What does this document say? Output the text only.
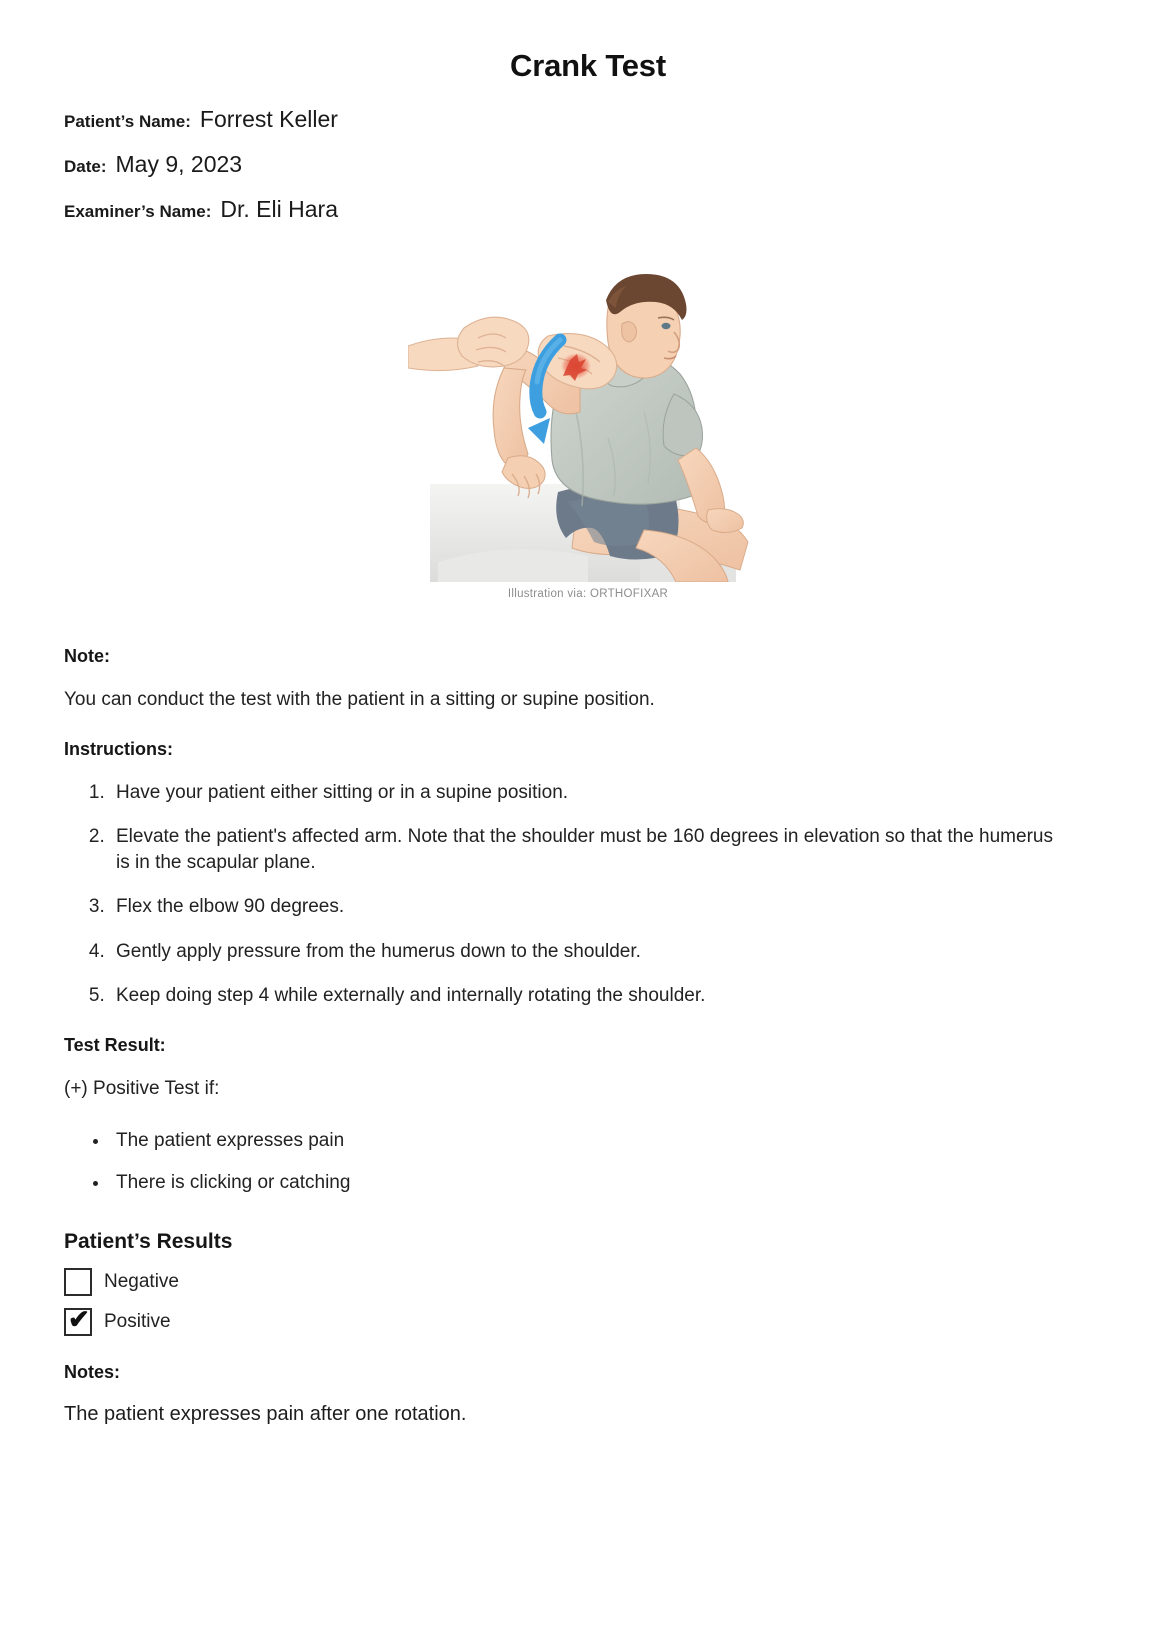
Crank Test
Patient’s Name: Forrest Keller
Date: May 9, 2023
Examiner’s Name: Dr. Eli Hara
Illustration via: ORTHOFIXAR
Note:

You can conduct the test with the patient in a sitting or supine position.

Instructions:
1. Have your patient either sitting or in a supine position.
2. Elevate the patient's affected arm. Note that the shoulder must be 160 degrees in elevation so that the humerus is in the scapular plane.
3. Flex the elbow 90 degrees.
4. Gently apply pressure from the humerus down to the shoulder.
5. Keep doing step 4 while externally and internally rotating the shoulder.
Test Result:

(+) Positive Test if:

• The patient expresses pain
• There is clicking or catching
Patient’s Results
Negative
✔ Positive
Notes:

The patient expresses pain after one rotation.
